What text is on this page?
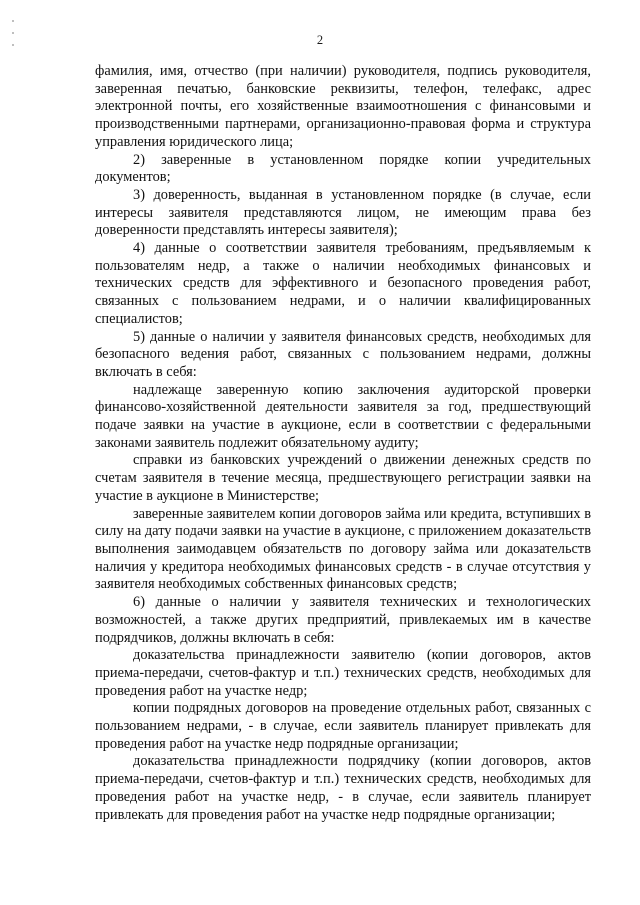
2

фамилия, имя, отчество (при наличии) руководителя, подпись руководителя, заверенная печатью, банковские реквизиты, телефон, телефакс, адрес электронной почты, его хозяйственные взаимоотношения с финансовыми и производственными партнерами, организационно-правовая форма и структура управления юридического лица;

2) заверенные в установленном порядке копии учредительных документов;

3) доверенность, выданная в установленном порядке (в случае, если интересы заявителя представляются лицом, не имеющим права без доверенности представлять интересы заявителя);

4) данные о соответствии заявителя требованиям, предъявляемым к пользователям недр, а также о наличии необходимых финансовых и технических средств для эффективного и безопасного проведения работ, связанных с пользованием недрами, и о наличии квалифицированных специалистов;

5) данные о наличии у заявителя финансовых средств, необходимых для безопасного ведения работ, связанных с пользованием недрами, должны включать в себя:

надлежаще заверенную копию заключения аудиторской проверки финансово-хозяйственной деятельности заявителя за год, предшествующий подаче заявки на участие в аукционе, если в соответствии с федеральными законами заявитель подлежит обязательному аудиту;

справки из банковских учреждений о движении денежных средств по счетам заявителя в течение месяца, предшествующего регистрации заявки на участие в аукционе в Министерстве;

заверенные заявителем копии договоров займа или кредита, вступивших в силу на дату подачи заявки на участие в аукционе, с приложением доказательств выполнения заимодавцем обязательств по договору займа или доказательств наличия у кредитора необходимых финансовых средств - в случае отсутствия у заявителя необходимых собственных финансовых средств;

6) данные о наличии у заявителя технических и технологических возможностей, а также других предприятий, привлекаемых им в качестве подрядчиков, должны включать в себя:

доказательства принадлежности заявителю (копии договоров, актов приема-передачи, счетов-фактур и т.п.) технических средств, необходимых для проведения работ на участке недр;

копии подрядных договоров на проведение отдельных работ, связанных с пользованием недрами, - в случае, если заявитель планирует привлекать для проведения работ на участке недр подрядные организации;

доказательства принадлежности подрядчику (копии договоров, актов приема-передачи, счетов-фактур и т.п.) технических средств, необходимых для проведения работ на участке недр, - в случае, если заявитель планирует привлекать для проведения работ на участке недр подрядные организации;
